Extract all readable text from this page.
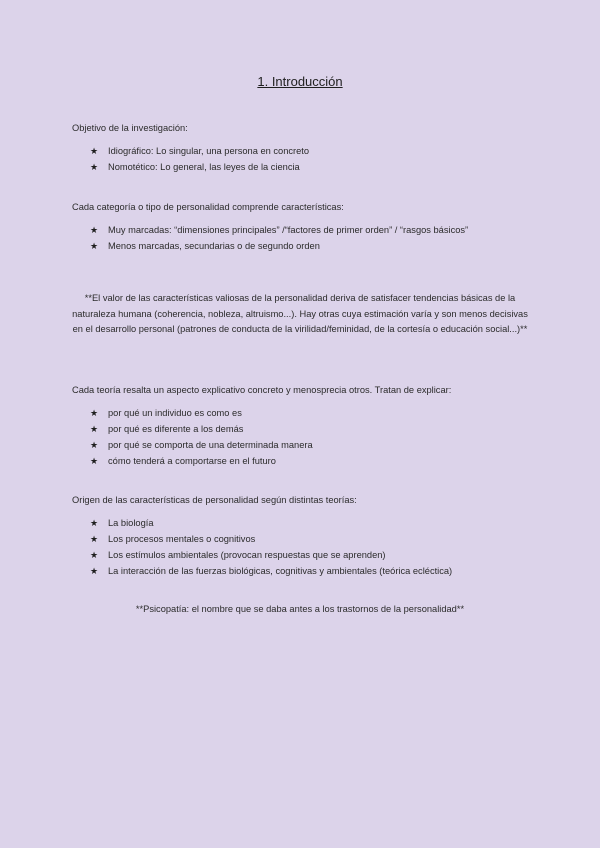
1. Introducción

Objetivo de la investigación:

★ Idiográfico: Lo singular, una persona en concreto
★ Nomotético: Lo general, las leyes de la ciencia

Cada categoría o tipo de personalidad comprende características:

★ Muy marcadas: “dimensiones principales” /“factores de primer orden” / “rasgos básicos”
★ Menos marcadas, secundarias o de segundo orden

**El valor de las características valiosas de la personalidad deriva de satisfacer tendencias básicas de la naturaleza humana (coherencia, nobleza, altruismo...). Hay otras cuya estimación varía y son menos decisivas en el desarrollo personal (patrones de conducta de la virilidad/feminidad, de la cortesía o educación social...)**

Cada teoría resalta un aspecto explicativo concreto y menosprecia otros. Tratan de explicar:

★ por qué un individuo es como es
★ por qué es diferente a los demás
★ por qué se comporta de una determinada manera
★ cómo tenderá a comportarse en el futuro

Origen de las características de personalidad según distintas teorías:

★ La biología
★ Los procesos mentales o cognitivos
★ Los estímulos ambientales (provocan respuestas que se aprenden)
★ La interacción de las fuerzas biológicas, cognitivas y ambientales (teórica ecléctica)

**Psicopatía: el nombre que se daba antes a los trastornos de la personalidad**
